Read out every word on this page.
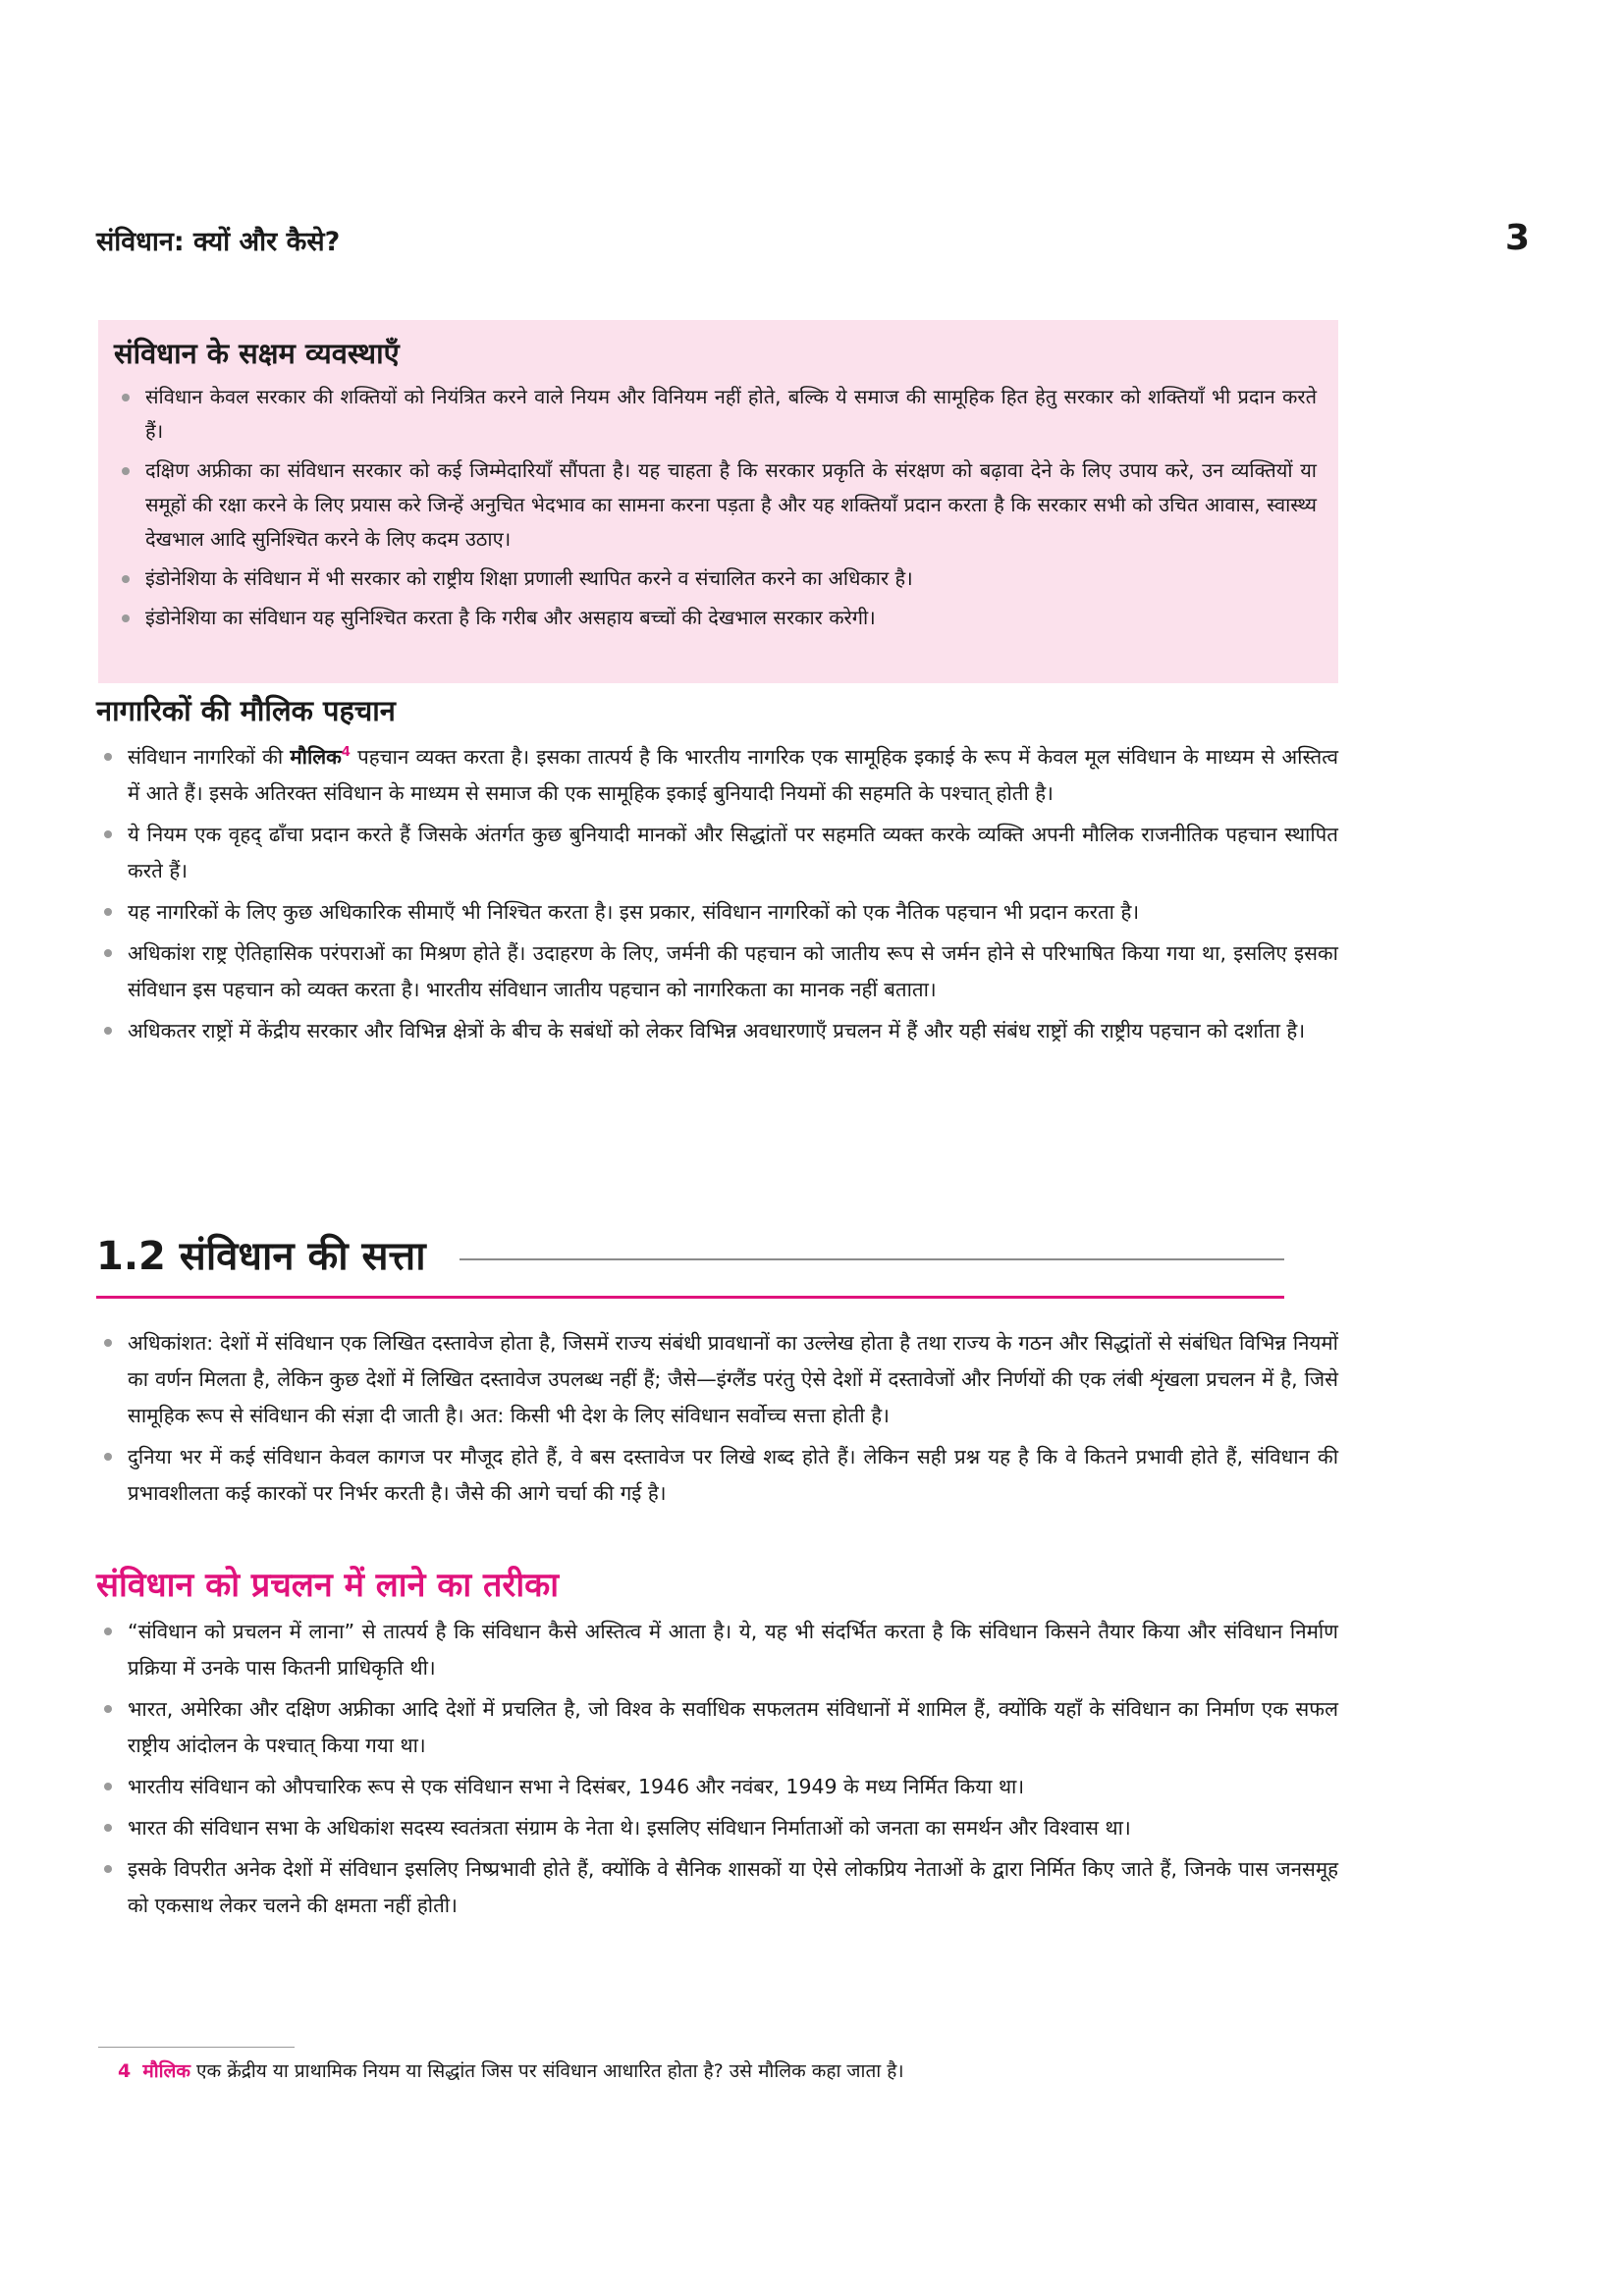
संविधान: क्यों और कैसे?	3
संविधान के सक्षम व्यवस्थाएँ
संविधान केवल सरकार की शक्तियों को नियंत्रित करने वाले नियम और विनियम नहीं होते, बल्कि ये समाज की सामूहिक हित हेतु सरकार को शक्तियाँ भी प्रदान करते हैं।
दक्षिण अफ्रीका का संविधान सरकार को कई जिम्मेदारियाँ सौंपता है। यह चाहता है कि सरकार प्रकृति के संरक्षण को बढ़ावा देने के लिए उपाय करे, उन व्यक्तियों या समूहों की रक्षा करने के लिए प्रयास करे जिन्हें अनुचित भेदभाव का सामना करना पड़ता है और यह शक्तियाँ प्रदान करता है कि सरकार सभी को उचित आवास, स्वास्थ्य देखभाल आदि सुनिश्चित करने के लिए कदम उठाए।
इंडोनेशिया के संविधान में भी सरकार को राष्ट्रीय शिक्षा प्रणाली स्थापित करने व संचालित करने का अधिकार है।
इंडोनेशिया का संविधान यह सुनिश्चित करता है कि गरीब और असहाय बच्चों की देखभाल सरकार करेगी।
नागारिकों की मौलिक पहचान
संविधान नागरिकों की मौलिक$^4$ पहचान व्यक्त करता है। इसका तात्पर्य है कि भारतीय नागरिक एक सामूहिक इकाई के रूप में केवल मूल संविधान के माध्यम से अस्तित्व में आते हैं। इसके अतिरक्त संविधान के माध्यम से समाज की एक सामूहिक इकाई बुनियादी नियमों की सहमति के पश्चात् होती है।
ये नियम एक वृहद् ढाँचा प्रदान करते हैं जिसके अंतर्गत कुछ बुनियादी मानकों और सिद्धांतों पर सहमति व्यक्त करके व्यक्ति अपनी मौलिक राजनीतिक पहचान स्थापित करते हैं।
यह नागरिकों के लिए कुछ अधिकारिक सीमाएँ भी निश्चित करता है। इस प्रकार, संविधान नागरिकों को एक नैतिक पहचान भी प्रदान करता है।
अधिकांश राष्ट्र ऐतिहासिक परंपराओं का मिश्रण होते हैं। उदाहरण के लिए, जर्मनी की पहचान को जातीय रूप से जर्मन होने से परिभाषित किया गया था, इसलिए इसका संविधान इस पहचान को व्यक्त करता है। भारतीय संविधान जातीय पहचान को नागरिकता का मानक नहीं बताता।
अधिकतर राष्ट्रों में केंद्रीय सरकार और विभिन्न क्षेत्रों के बीच के सबंधों को लेकर विभिन्न अवधारणाएँ प्रचलन में हैं और यही संबंध राष्ट्रों की राष्ट्रीय पहचान को दर्शाता है।
1.2 संविधान की सत्ता
अधिकांशत: देशों में संविधान एक लिखित दस्तावेज होता है, जिसमें राज्य संबंधी प्रावधानों का उल्लेख होता है तथा राज्य के गठन और सिद्धांतों से संबंधित विभिन्न नियमों का वर्णन मिलता है, लेकिन कुछ देशों में लिखित दस्तावेज उपलब्ध नहीं हैं; जैसे—इंग्लैंड परंतु ऐसे देशों में दस्तावेजों और निर्णयों की एक लंबी शृंखला प्रचलन में है, जिसे सामूहिक रूप से संविधान की संज्ञा दी जाती है। अत: किसी भी देश के लिए संविधान सर्वोच्च सत्ता होती है।
दुनिया भर में कई संविधान केवल कागज पर मौजूद होते हैं, वे बस दस्तावेज पर लिखे शब्द होते हैं। लेकिन सही प्रश्न यह है कि वे कितने प्रभावी होते हैं, संविधान की प्रभावशीलता कई कारकों पर निर्भर करती है। जैसे की आगे चर्चा की गई है।
संविधान को प्रचलन में लाने का तरीका
“संविधान को प्रचलन में लाना” से तात्पर्य है कि संविधान कैसे अस्तित्व में आता है। ये, यह भी संदर्भित करता है कि संविधान किसने तैयार किया और संविधान निर्माण प्रक्रिया में उनके पास कितनी प्राधिकृति थी।
भारत, अमेरिका और दक्षिण अफ्रीका आदि देशों में प्रचलित है, जो विश्व के सर्वाधिक सफलतम संविधानों में शामिल हैं, क्योंकि यहाँ के संविधान का निर्माण एक सफल राष्ट्रीय आंदोलन के पश्चात् किया गया था।
भारतीय संविधान को औपचारिक रूप से एक संविधान सभा ने दिसंबर, 1946 और नवंबर, 1949 के मध्य निर्मित किया था।
भारत की संविधान सभा के अधिकांश सदस्य स्वतंत्रता संग्राम के नेता थे। इसलिए संविधान निर्माताओं को जनता का समर्थन और विश्वास था।
इसके विपरीत अनेक देशों में संविधान इसलिए निष्प्रभावी होते हैं, क्योंकि वे सैनिक शासकों या ऐसे लोकप्रिय नेताओं के द्वारा निर्मित किए जाते हैं, जिनके पास जनसमूह को एकसाथ लेकर चलने की क्षमता नहीं होती।
4 मौलिक एक क्रेंद्रीय या प्राथामिक नियम या सिद्धांत जिस पर संविधान आधारित होता है? उसे मौलिक कहा जाता है।
